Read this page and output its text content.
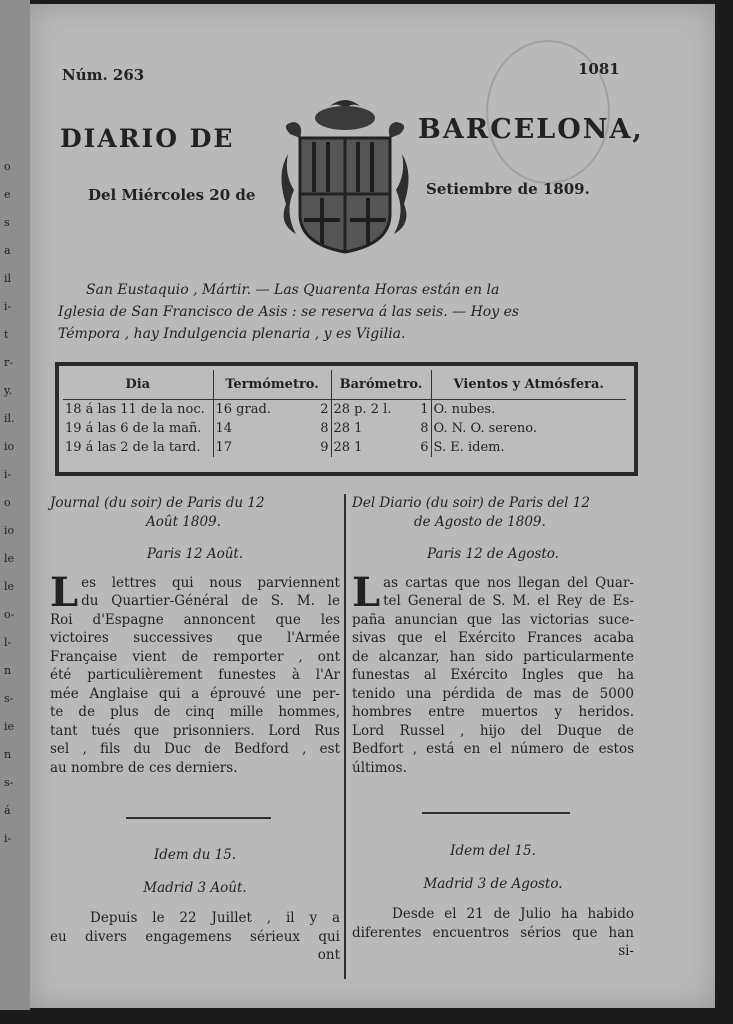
Núm. 263	1081
DIARIO DE	BARCELONA,
Del Miércoles 20 de	Setiembre de 1809.
San Eustaquio , Mártir. — Las Quarenta Horas están en la
Iglesia de San Francisco de Asis : se reserva á las seis. — Hoy es
Témpora , hay Indulgencia plenaria , y es Vigilia.
Dia	Termómetro.	Barómetro.	Vientos y Atmósfera.
18 á las 11 de la noc.	16 grad. 2	28 p. 2 l. 1	O. nubes.
19 á las 6 de la mañ.	14 8	28 1 8	O. N. O. sereno.
19 á las 2 de la tard.	17 9	28 1 6	S. E. idem.

Journal (du soir) de Paris du 12

Août 1809.

Paris 12 Août.

L es lettres qui nous parviennent

du Quartier-Général de S. M. le

Roi d'Espagne annoncent que les

victoires successives que l'Armée

Française vient de remporter , ont

été particulièrement funestes à l'Ar

mée Anglaise qui a éprouvé une per-

te de plus de cinq mille hommes,

tant tués que prisonniers. Lord Rus

sel , fils du Duc de Bedford , est

au nombre de ces derniers.

Idem du 15.

Madrid 3 Août.

Depuis le 22 Juillet , il y a

eu divers engagemens sérieux qui

ont

Del Diario (du soir) de Paris del 12

de Agosto de 1809.

Paris 12 de Agosto.

L as cartas que nos llegan del Quar-

tel General de S. M. el Rey de Es-

paña anuncian que las victorias suce-

sivas que el Exército Frances acaba

de alcanzar, han sido particularmente

funestas al Exército Ingles que ha

tenido una pérdida de mas de 5000

hombres entre muertos y heridos.

Lord Russel , hijo del Duque de

Bedfort , está en el número de estos

últimos.

Idem del 15.

Madrid 3 de Agosto.

Desde el 21 de Julio ha habido

diferentes encuentros sérios que han

si-

o
e
s
a
il
i-
t
r-
y.
il.
io
i-
o
io
le
le
o-
l-
n
s-
ie
n
s-
á
i-
